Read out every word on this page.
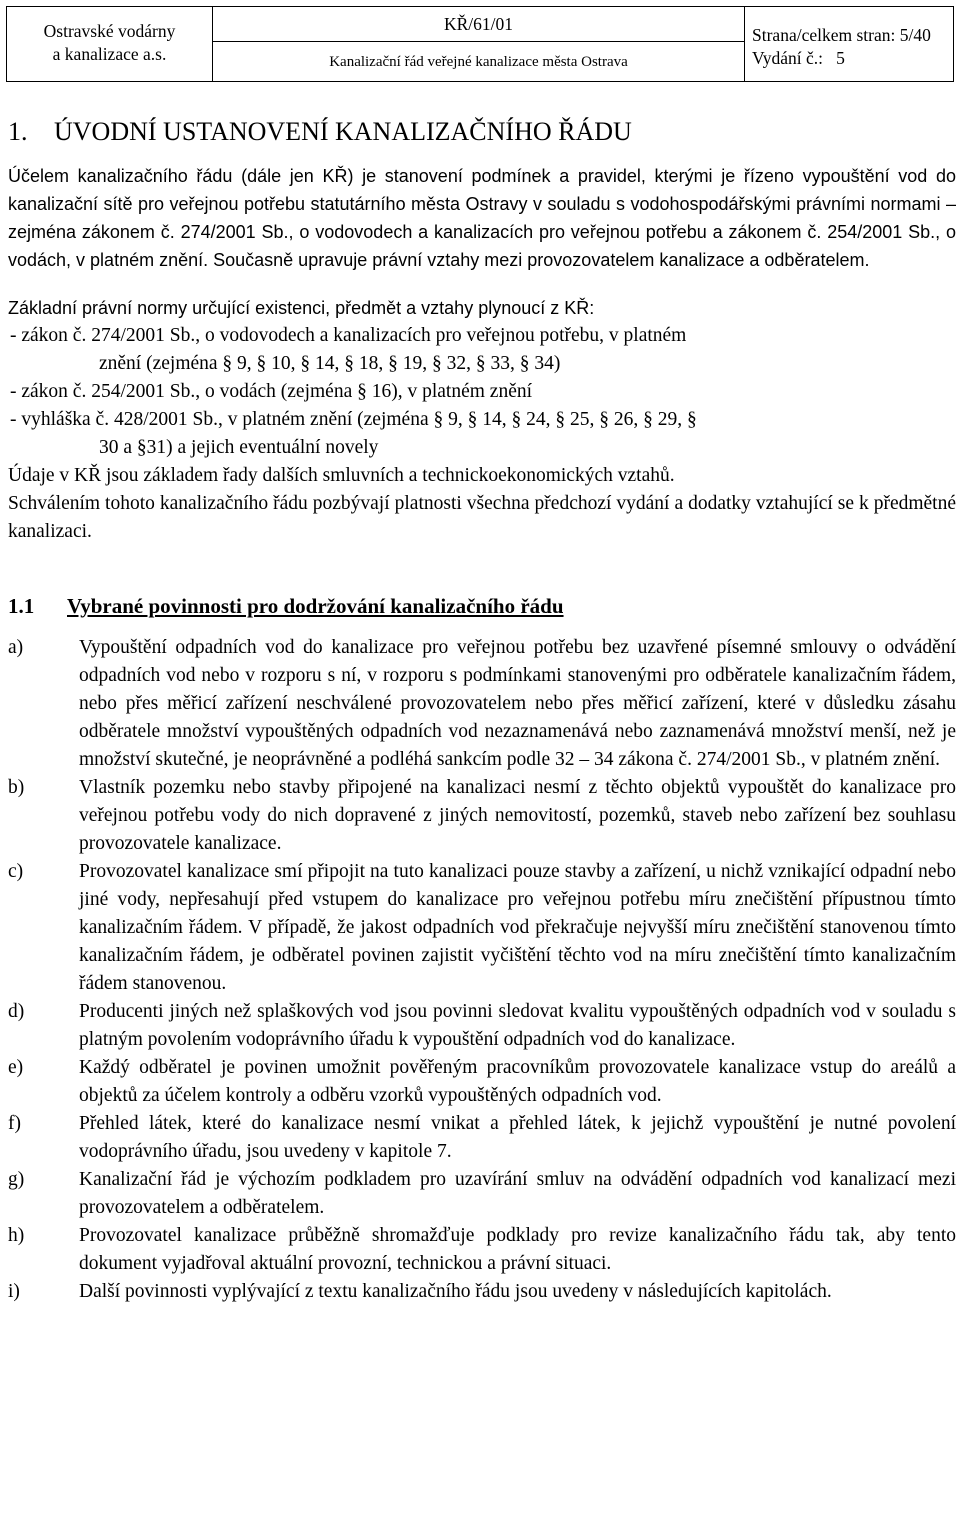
Ostravské vodárny
a kanalizace a.s.
KŘ/61/01
Kanalizační řád veřejné kanalizace města Ostrava
Strana/celkem stran: 5/40
Vydání č.:   5
1.	ÚVODNÍ USTANOVENÍ KANALIZAČNÍHO ŘÁDU

Účelem kanalizačního řádu (dále jen KŘ) je stanovení podmínek a pravidel, kterými je řízeno vypouštění vod do kanalizační sítě pro veřejnou potřebu statutárního města Ostravy v souladu s vodohospodářskými právními normami – zejména zákonem č. 274/2001 Sb., o vodovodech a kanalizacích pro veřejnou potřebu a zákonem č. 254/2001 Sb., o vodách, v platném znění. Současně upravuje právní vztahy mezi provozovatelem kanalizace a odběratelem.

Základní právní normy určující existenci, předmět a vztahy plynoucí z KŘ:

- zákon č. 274/2001 Sb., o vodovodech a kanalizacích pro veřejnou potřebu, v platném
znění (zejména § 9, § 10, § 14, § 18, § 19, § 32, § 33, § 34)
- zákon č. 254/2001 Sb., o vodách (zejména § 16), v platném znění
- vyhláška č. 428/2001 Sb., v platném znění (zejména § 9, § 14, § 24, § 25, § 26, § 29, §
30 a §31) a jejich eventuální novely

Údaje v KŘ jsou základem řady dalších smluvních a technickoekonomických vztahů.

Schválením tohoto kanalizačního řádu pozbývají platnosti všechna předchozí vydání a dodatky vztahující se k předmětné kanalizaci.

1.1	Vybrané povinnosti pro dodržování kanalizačního řádu
a)	Vypouštění odpadních vod do kanalizace pro veřejnou potřebu bez uzavřené písemné smlouvy o odvádění odpadních vod nebo v rozporu s ní, v rozporu s podmínkami stanovenými pro odběratele kanalizačním řádem, nebo přes měřicí zařízení neschválené provozovatelem nebo přes měřicí zařízení, které v důsledku zásahu odběratele množství vypouštěných odpadních vod nezaznamenává nebo zaznamenává množství menší, než je množství skutečné, je neoprávněné a podléhá sankcím podle 32 – 34 zákona č. 274/2001 Sb., v platném znění.
b)	Vlastník pozemku nebo stavby připojené na kanalizaci nesmí z těchto objektů vypouštět do kanalizace pro veřejnou potřebu vody do nich dopravené z jiných nemovitostí, pozemků, staveb nebo zařízení bez souhlasu provozovatele kanalizace.
c)	Provozovatel kanalizace smí připojit na tuto kanalizaci pouze stavby a zařízení, u nichž vznikající odpadní nebo jiné vody, nepřesahují před vstupem do kanalizace pro veřejnou potřebu míru znečištění přípustnou tímto kanalizačním řádem. V případě, že jakost odpadních vod překračuje nejvyšší míru znečištění stanovenou tímto kanalizačním řádem, je odběratel povinen zajistit vyčištění těchto vod na míru znečištění tímto kanalizačním řádem stanovenou.
d)	Producenti jiných než splaškových vod jsou povinni sledovat kvalitu vypouštěných odpadních vod v souladu s platným povolením vodoprávního úřadu k vypouštění odpadních vod do kanalizace.
e)	Každý odběratel je povinen umožnit pověřeným pracovníkům provozovatele kanalizace vstup do areálů a objektů za účelem kontroly a odběru vzorků vypouštěných odpadních vod.
f)	Přehled látek, které do kanalizace nesmí vnikat a přehled látek, k jejichž vypouštění je nutné povolení vodoprávního úřadu, jsou uvedeny v kapitole 7.
g)	Kanalizační řád je výchozím podkladem pro uzavírání smluv na odvádění odpadních vod kanalizací mezi provozovatelem a odběratelem.
h)	Provozovatel kanalizace průběžně shromažďuje podklady pro revize kanalizačního řádu tak, aby tento dokument vyjadřoval aktuální provozní, technickou a právní situaci.
i)	Další povinnosti vyplývající z textu kanalizačního řádu jsou uvedeny v následujících kapitolách.
